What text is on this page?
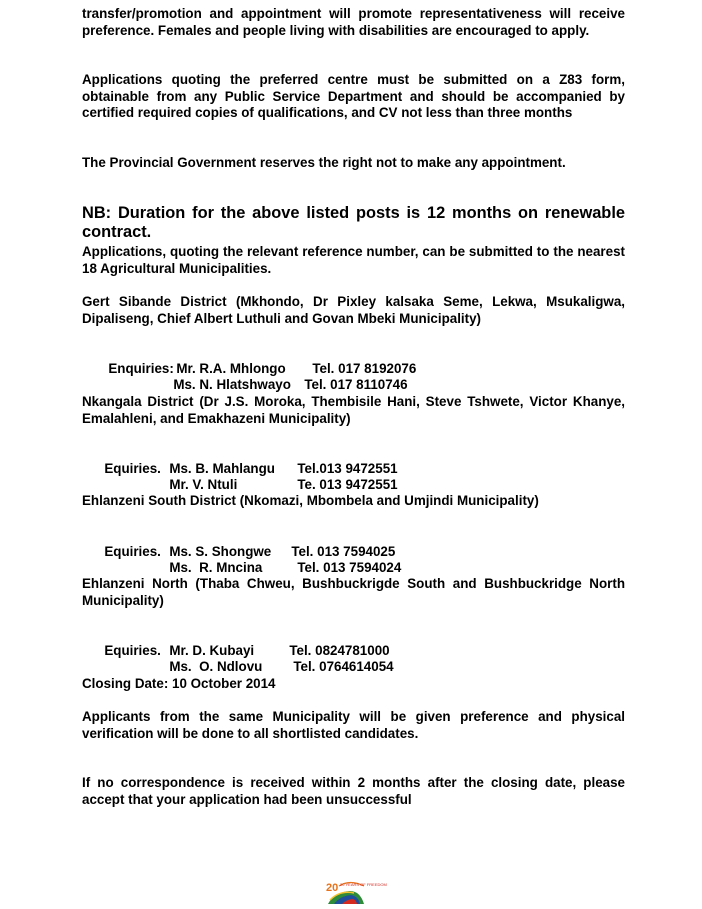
transfer/promotion and appointment will promote representativeness will receive preference. Females and people living with disabilities are encouraged to apply.

Applications quoting the preferred centre must be submitted on a Z83 form, obtainable from any Public Service Department and should be accompanied by certified required copies of qualifications, and CV not less than three months

The Provincial Government reserves the right not to make any appointment.

NB: Duration for the above listed posts is 12 months on renewable contract.

Applications, quoting the relevant reference number, can be submitted to the nearest 18 Agricultural Municipalities.

Gert Sibande District (Mkhondo, Dr Pixley kalsaka Seme, Lekwa, Msukaligwa, Dipaliseng, Chief Albert Luthuli and Govan Mbeki Municipality)

Enquiries: Mr. R.A. Mhlongo Tel. 017 8192076

Ms. N. Hlatshwayo Tel. 017 8110746

Nkangala District (Dr J.S. Moroka, Thembisile Hani, Steve Tshwete, Victor Khanye, Emalahleni, and Emakhazeni Municipality)

Equiries. Ms. B. Mahlangu Tel.013 9472551

Mr. V. Ntuli	Te. 013 9472551

Ehlanzeni South District (Nkomazi, Mbombela and Umjindi Municipality)

Equiries. Ms. S. Shongwe Tel. 013 7594025

Ms.  R. Mncina	Tel. 013 7594024

Ehlanzeni North (Thaba Chweu, Bushbuckrigde South and Bushbuckridge North Municipality)

Equiries. Mr. D. Kubayi	Tel. 0824781000

Ms.  O. Ndlovu Tel. 0764614054

Closing Date: 10 October 2014

Applicants from the same Municipality will be given preference and physical verification will be done to all shortlisted candidates.

If no correspondence is received within 2 months after the closing date, please accept that your application had been unsuccessful

20 20 YEARS OF FREEDOM
